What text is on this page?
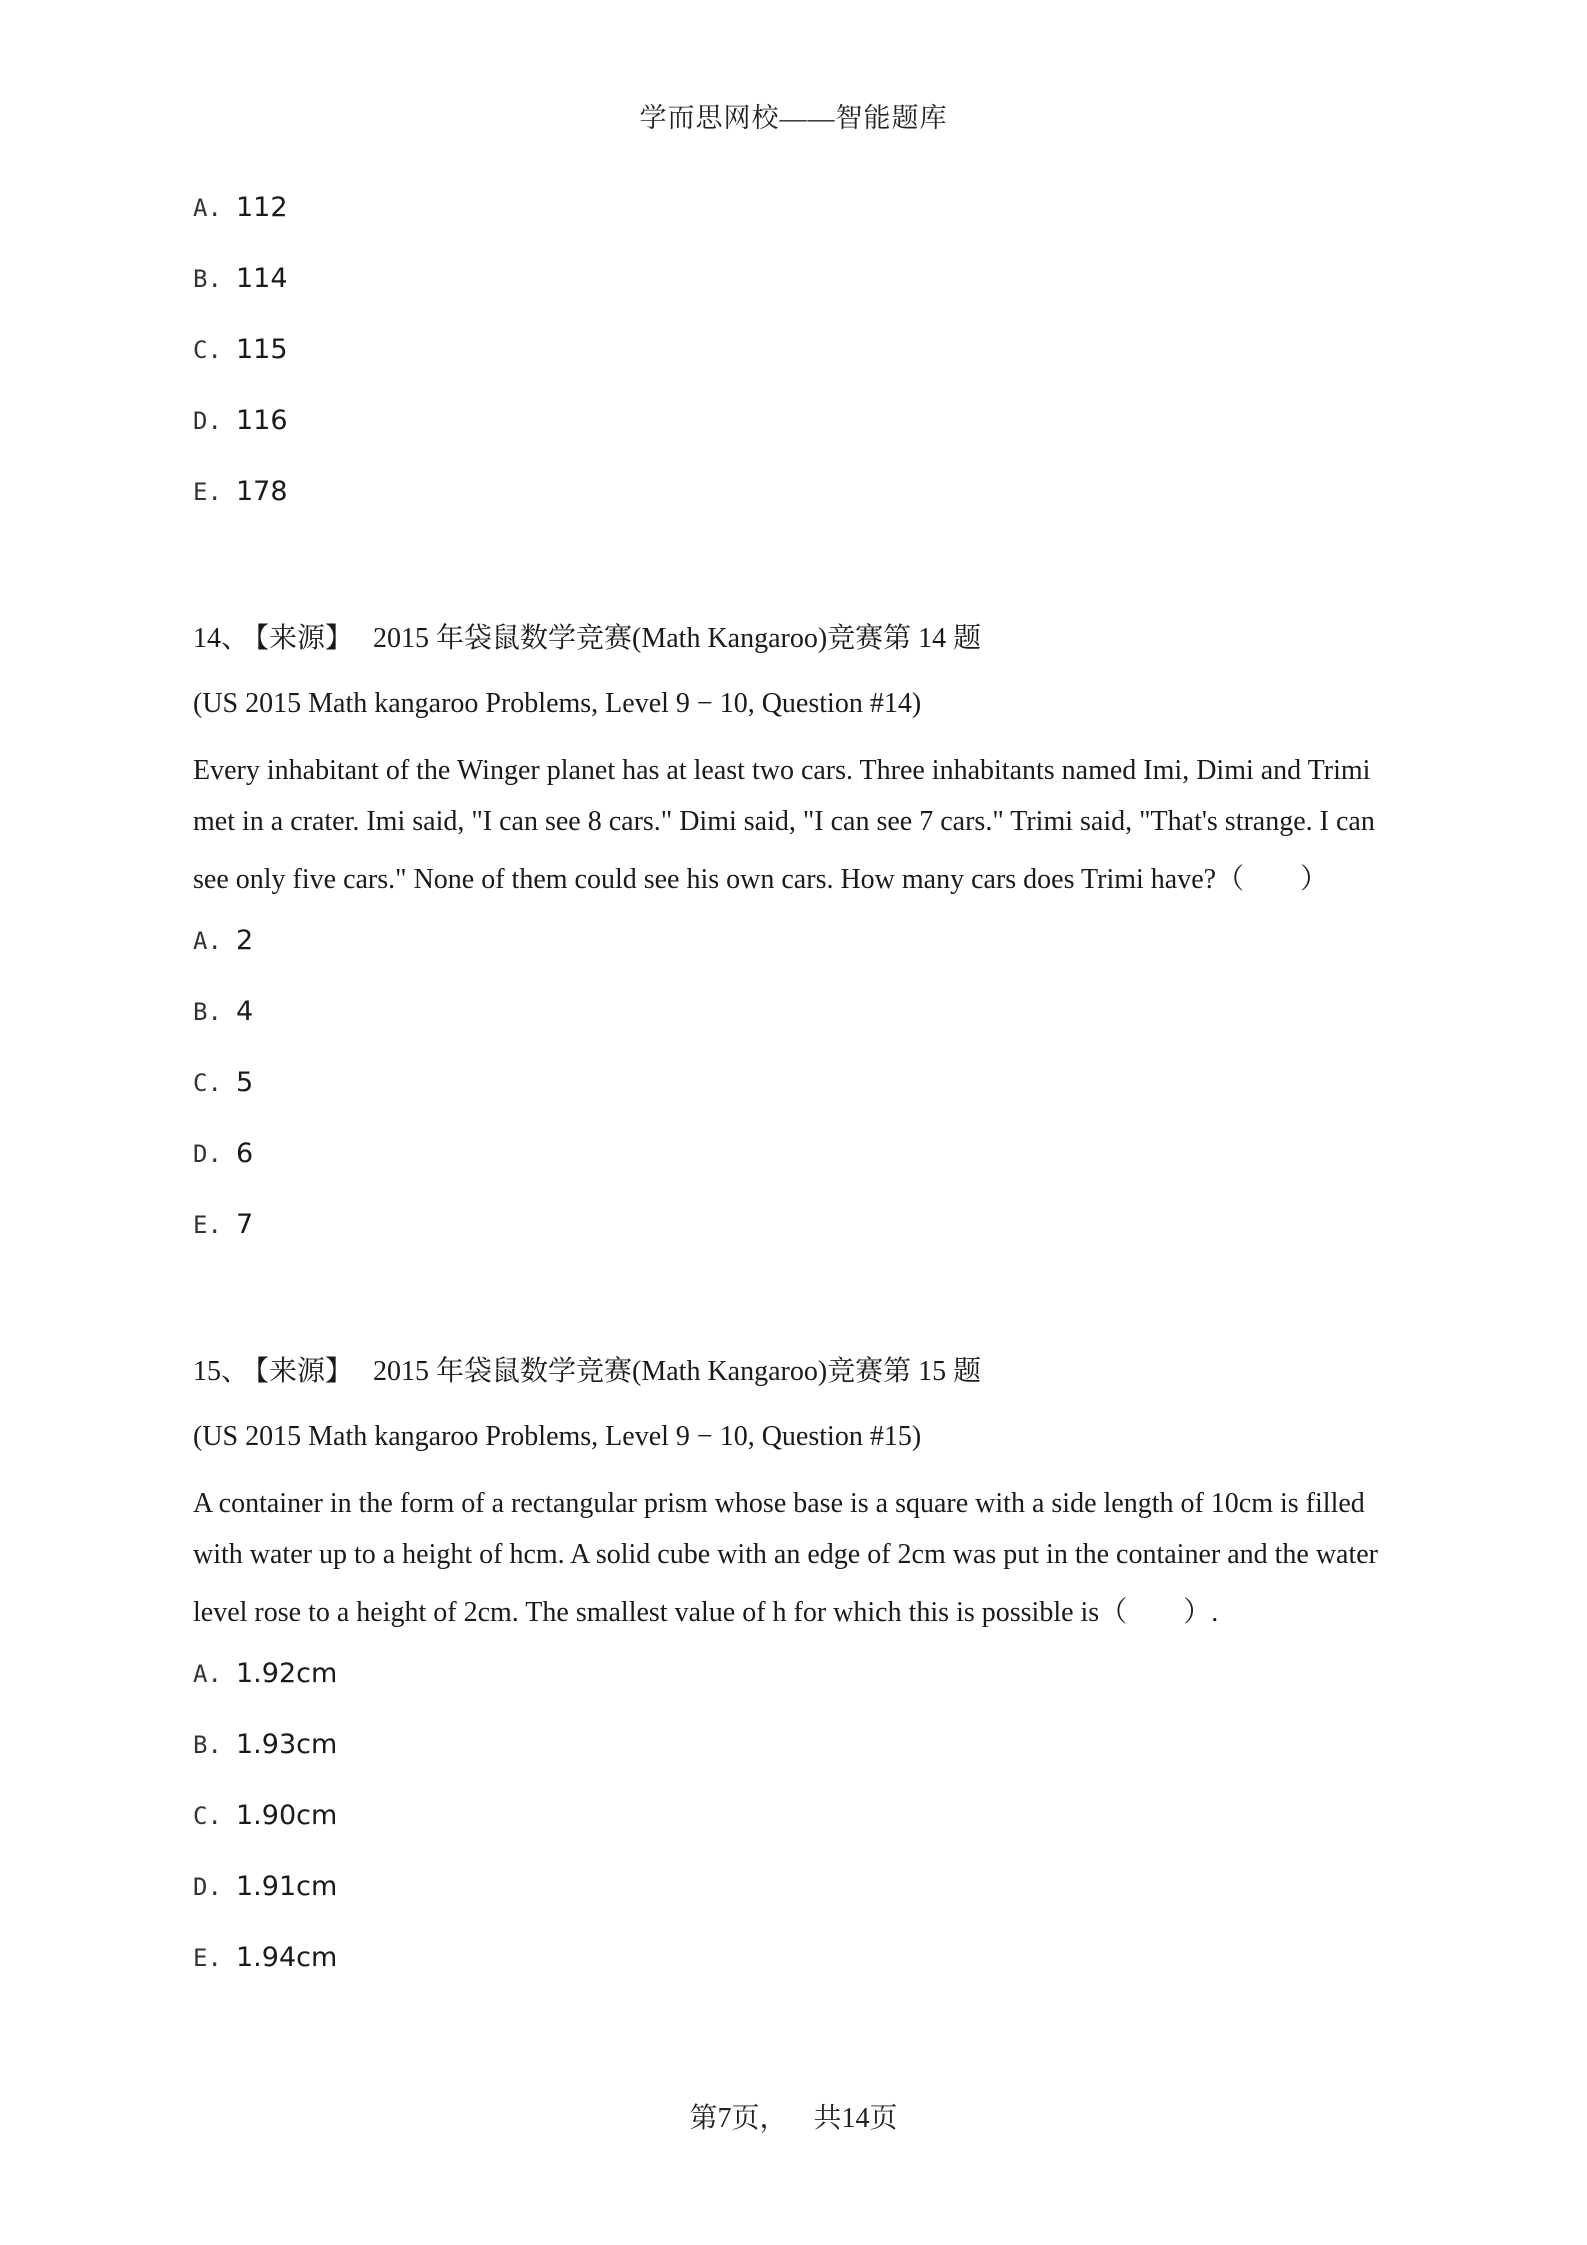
学而思网校——智能题库
A. 112
B. 114
C. 115
D. 116
E. 178
14、 【来源】 2015 年袋鼠数学竞赛(Math Kangaroo)竞赛第 14 题
(US 2015 Math kangaroo Problems, Level 9 − 10, Question #14)
Every inhabitant of the Winger planet has at least two cars. Three inhabitants named Imi, Dimi and Trimi
met in a crater. Imi said, "I can see 8 cars." Dimi said, "I can see 7 cars." Trimi said, "That's strange. I can
see only five cars." None of them could see his own cars. How many cars does Trimi have?（　　）
A. 2
B. 4
C. 5
D. 6
E. 7
15、 【来源】 2015 年袋鼠数学竞赛(Math Kangaroo)竞赛第 15 题
(US 2015 Math kangaroo Problems, Level 9 − 10, Question #15)
A container in the form of a rectangular prism whose base is a square with a side length of 10cm is filled
with water up to a height of hcm. A solid cube with an edge of 2cm was put in the container and the water
level rose to a height of 2cm. The smallest value of h for which this is possible is（　　）.
A. 1.92cm
B. 1.93cm
C. 1.90cm
D. 1.91cm
E. 1.94cm
第7页， 共14页
